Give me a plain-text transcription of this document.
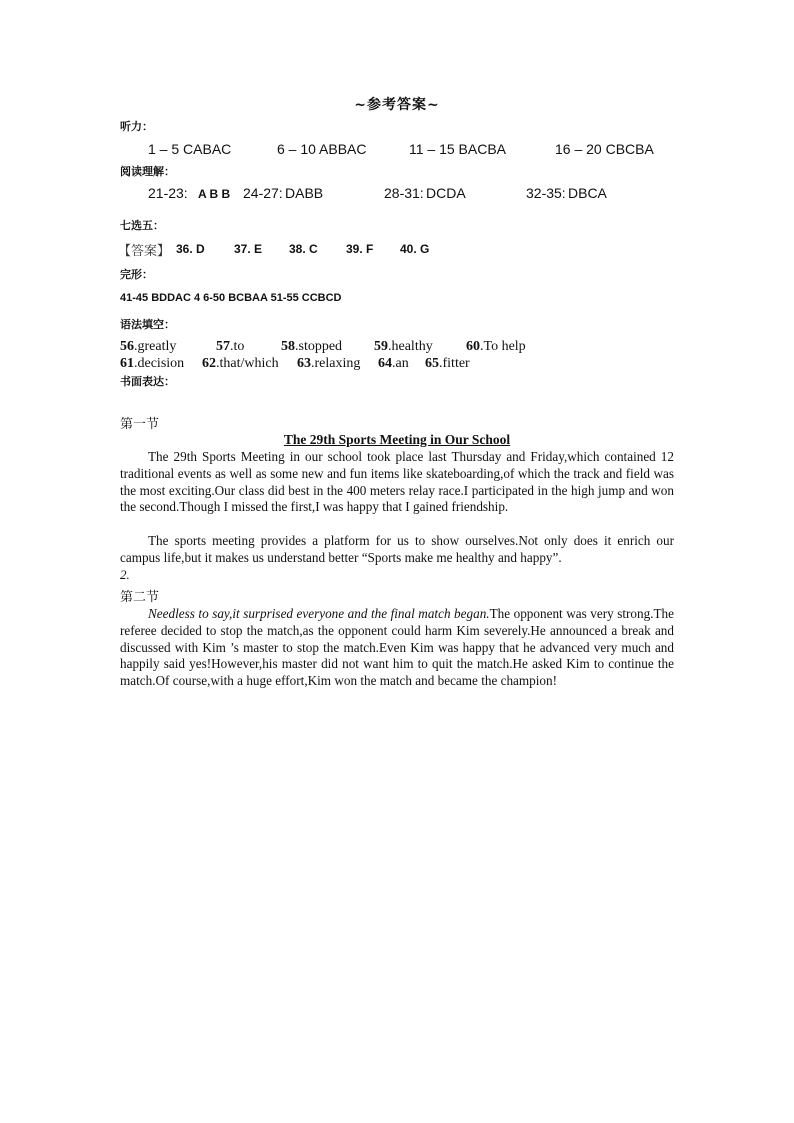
~参考答案~
听力：
1 – 5 CABAC	6 – 10 ABBAC	11 – 15 BACBA	16 – 20 CBCBA
阅读理解：
21-23: A B B 24-27: DABB	28-31: DCDA	32-35: DBCA
七选五：
【答案】 36. D 37. E 38. C 39. F 40. G
完形：
41-45 BDDAC 4 6-50 BCBAA 51-55 CCBCD
语法填空：
56.greatly	57.to	58.stopped 59.healthy 60.To help
61.decision 62.that/which 63.relaxing 64.an 65.fitter
书面表达：
第一节
The 29th Sports Meeting in Our School

The 29th Sports Meeting in our school took place last Thursday and Friday,which contained 12 traditional events as well as some new and fun items like skateboarding,of which the track and field was the most exciting.Our class did best in the 400 meters relay race.I participated in the high jump and won the second.Though I missed the first,I was happy that I gained friendship.

The sports meeting provides a platform for us to show ourselves.Not only does it enrich our campus life,but it makes us understand better “Sports make me healthy and happy”.

2.
第二节

Needless to say,it surprised everyone and the final match began.The opponent was very strong.The referee decided to stop the match,as the opponent could harm Kim severely.He announced a break and discussed with Kim ’s master to stop the match.Even Kim was happy that he advanced very much and happily said yes!However,his master did not want him to quit the match.He asked Kim to continue the match.Of course,with a huge effort,Kim won the match and became the champion!
